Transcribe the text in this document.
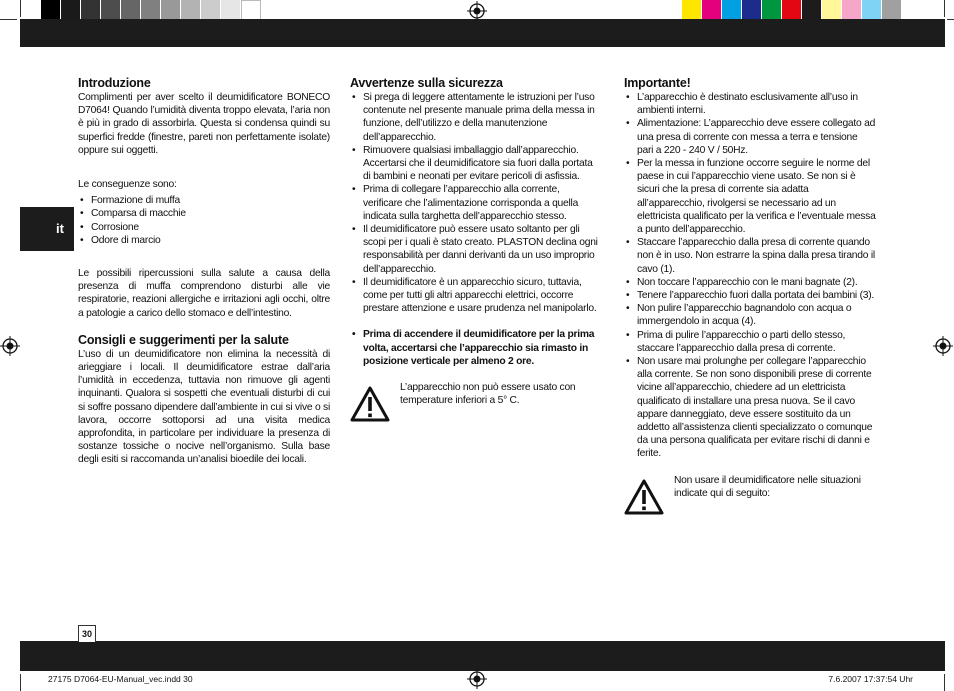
it
Introduzione

Complimenti per aver scelto il deumidificatore BONECO D7064! Quando l’umidità diventa troppo elevata, l’aria non è più in grado di assorbirla. Questa si condensa quindi su superfici fredde (finestre, pareti non perfettamente isolate) oppure sui oggetti.

Le conseguenze sono:

• Formazione di muffa
• Comparsa di macchie
• Corrosione
• Odore di marcio

Le possibili ripercussioni sulla salute a causa della presenza di muffa comprendono disturbi alle vie respiratorie, reazioni allergiche e irritazioni agli occhi, oltre a patologie a carico dello stomaco e dell’intestino.

Consigli e suggerimenti per la salute

L’uso di un deumidificatore non elimina la necessità di arieggiare i locali. Il deumidificatore estrae dall’aria l’umidità in eccedenza, tuttavia non rimuove gli agenti inquinanti. Qualora si sospetti che eventuali disturbi di cui si soffre possano dipendere dall’ambiente in cui si vive o si lavora, occorre sottoporsi ad una visita medica approfondita, in particolare per individuare la presenza di sostanze tossiche o nocive nell’organismo. Sulla base degli esiti si raccomanda un’analisi bioedile dei locali.

Avvertenze sulla sicurezza
• Si prega di leggere attentamente le istruzioni per l’uso contenute nel presente manuale prima della messa in funzione, dell’utilizzo e della manutenzione dell’apparecchio.
• Rimuovere qualsiasi imballaggio dall’apparecchio. Accertarsi che il deumidificatore sia fuori dalla portata di bambini e neonati per evitare pericoli di asfissia.
• Prima di collegare l’apparecchio alla corrente, verificare che l’alimentazione corrisponda a quella indicata sulla targhetta dell’apparecchio stesso.
• Il deumidificatore può essere usato soltanto per gli scopi per i quali è stato creato. PLASTON declina ogni responsabilità per danni derivanti da un uso improprio dell’apparecchio.
• Il deumidificatore è un apparecchio sicuro, tuttavia, come per tutti gli altri apparecchi elettrici, occorre prestare attenzione e usare prudenza nel manipolarlo.
• Prima di accendere il deumidificatore per la prima volta, accertarsi che l’apparecchio sia rimasto in posizione verticale per almeno 2 ore.

L’apparecchio non può essere usato con temperature inferiori a 5° C.

Importante!
• L’apparecchio è destinato esclusivamente all’uso in ambienti interni.
• Alimentazione: L’apparecchio deve essere collegato ad una presa di corrente con messa a terra e tensione pari a 220 - 240 V / 50Hz.
• Per la messa in funzione occorre seguire le norme del paese in cui l’apparecchio viene usato. Se non si è sicuri che la presa di corrente sia adatta all’apparecchio, rivolgersi se necessario ad un elettricista qualificato per la verifica e l’eventuale messa a punto dell’apparecchio.
• Staccare l’apparecchio dalla presa di corrente quando non è in uso. Non estrarre la spina dalla presa tirando il cavo (1).
• Non toccare l’apparecchio con le mani bagnate (2).
• Tenere l’apparecchio fuori dalla portata dei bambini (3).
• Non pulire l’apparecchio bagnandolo con acqua o immergendolo in acqua (4).
• Prima di pulire l’apparecchio o parti dello stesso, staccare l’apparecchio dalla presa di corrente.
• Non usare mai prolunghe per collegare l’apparecchio alla corrente. Se non sono disponibili prese di corrente vicine all’apparecchio, chiedere ad un elettricista qualificato di installare una presa nuova. Se il cavo appare danneggiato, deve essere sostituito da un addetto all’assistenza clienti specializzato o comunque da una persona qualificata per evitare rischi di danni e ferite.

Non usare il deumidificatore nelle situazioni indicate qui di seguito:

30
27175 D7064-EU-Manual_vec.indd 30	7.6.2007 17:37:54 Uhr
